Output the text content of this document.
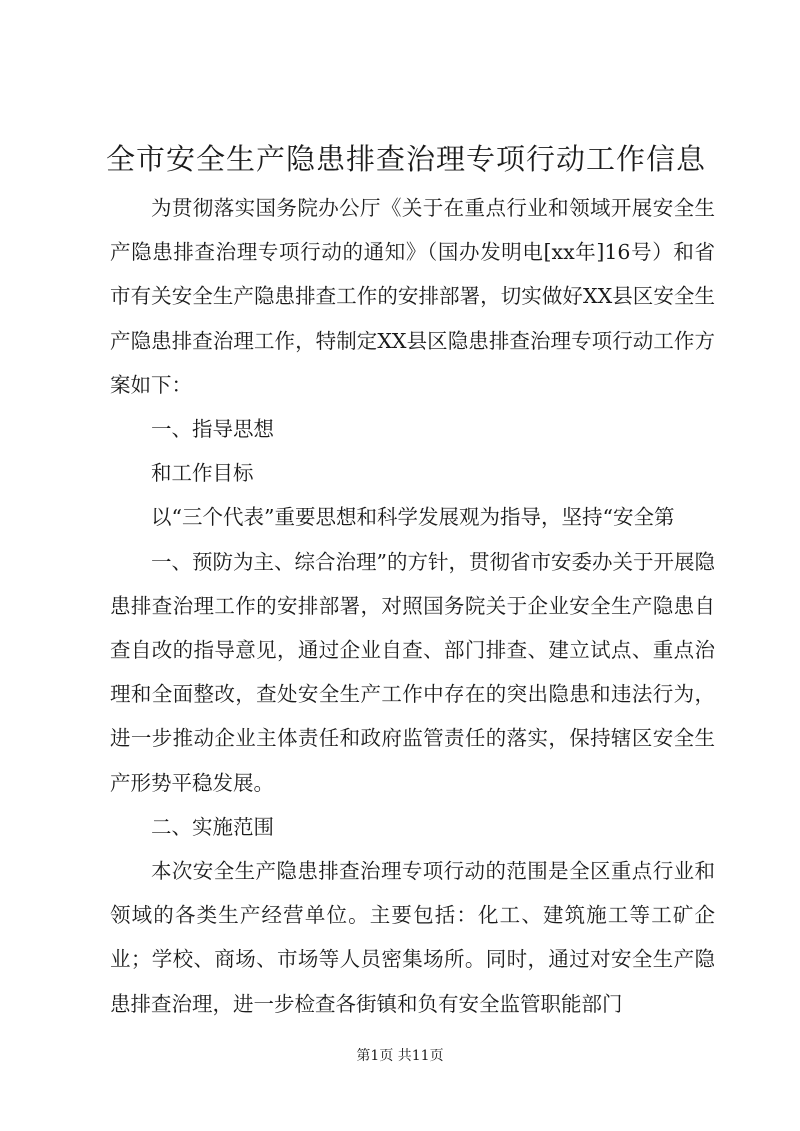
全市安全生产隐患排查治理专项行动工作信息

为贯彻落实国务院办公厅《关于在重点行业和领域开展安全生产隐患排查治理专项行动的通知》（国办发明电[xx年]16号）和省市有关安全生产隐患排查工作的安排部署，切实做好XX县区安全生产隐患排查治理工作，特制定XX县区隐患排查治理专项行动工作方案如下：

一、指导思想

和工作目标

以“三个代表”重要思想和科学发展观为指导，坚持“安全第

一、预防为主、综合治理”的方针，贯彻省市安委办关于开展隐患排查治理工作的安排部署，对照国务院关于企业安全生产隐患自查自改的指导意见，通过企业自查、部门排查、建立试点、重点治理和全面整改，查处安全生产工作中存在的突出隐患和违法行为，进一步推动企业主体责任和政府监管责任的落实，保持辖区安全生产形势平稳发展。

二、实施范围

本次安全生产隐患排查治理专项行动的范围是全区重点行业和领域的各类生产经营单位。主要包括：化工、建筑施工等工矿企业；学校、商场、市场等人员密集场所。同时，通过对安全生产隐患排查治理，进一步检查各街镇和负有安全监管职能部门

第1页 共11页
